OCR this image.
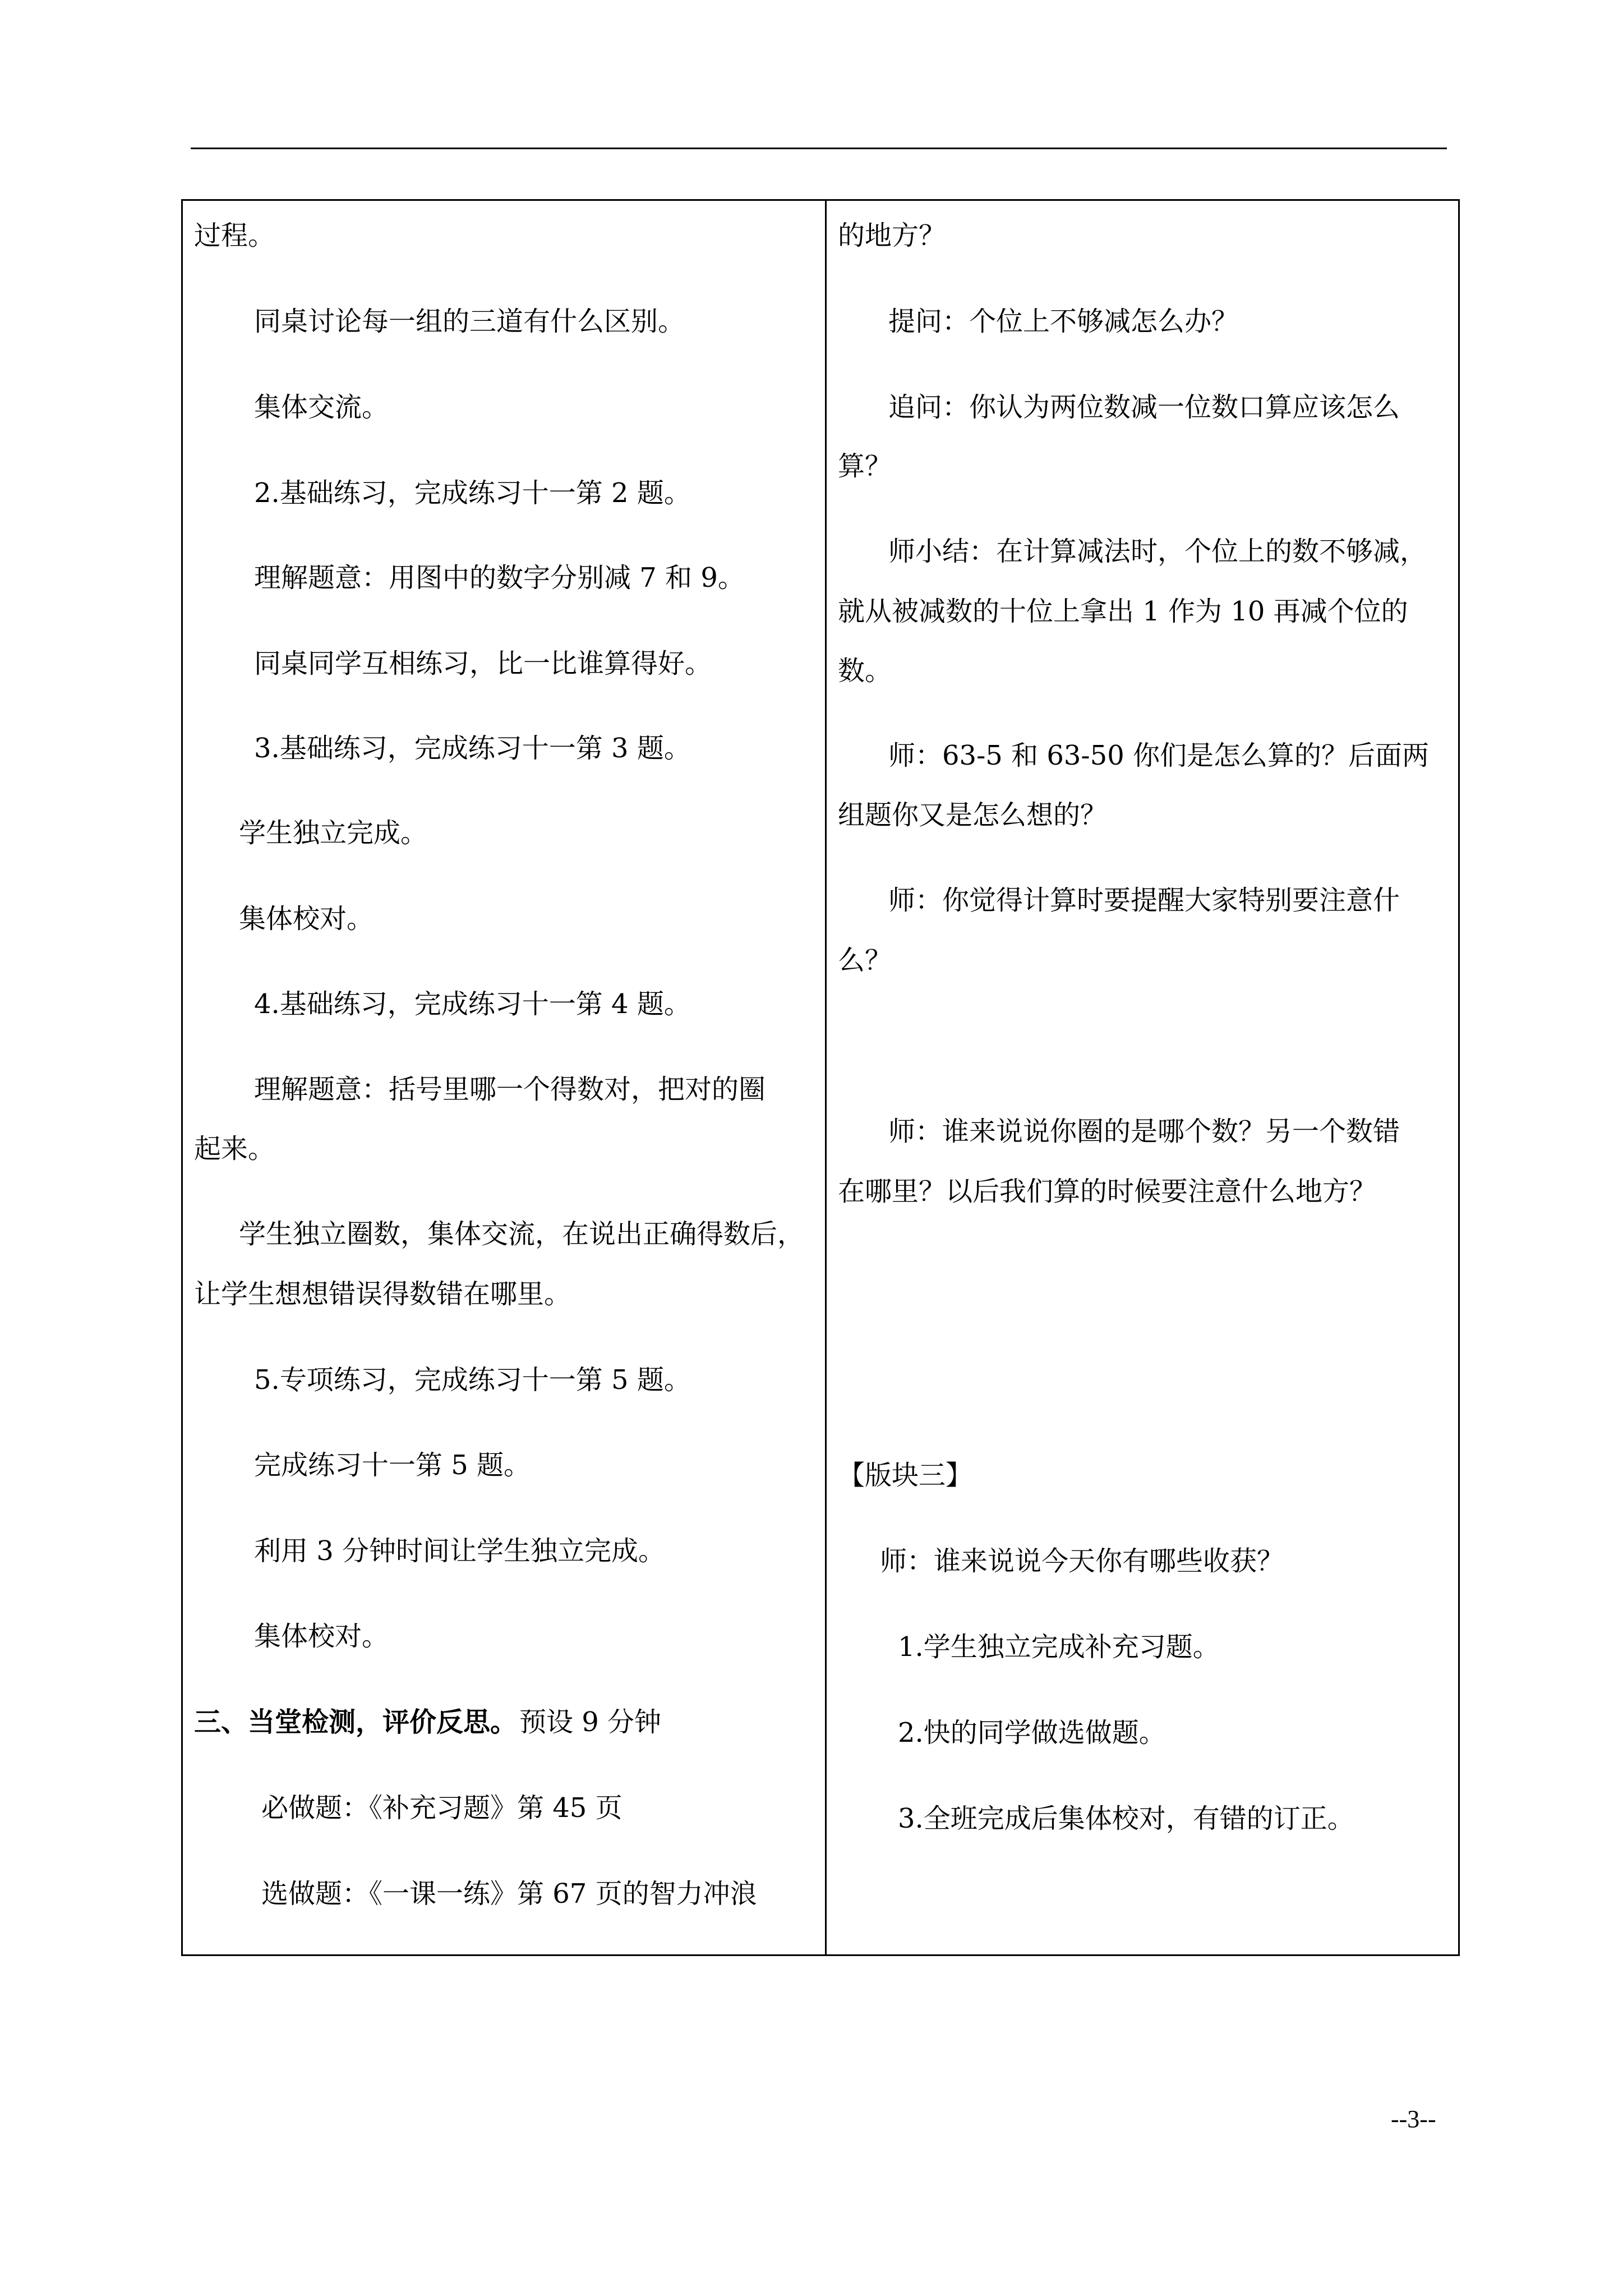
过程。
同桌讨论每一组的三道有什么区别。
集体交流。
2.基础练习，完成练习十一第 2 题。
理解题意：用图中的数字分别减 7 和 9。
同桌同学互相练习，比一比谁算得好。
3.基础练习，完成练习十一第 3 题。
学生独立完成。
集体校对。
4.基础练习，完成练习十一第 4 题。
理解题意：括号里哪一个得数对，把对的圈
起来。
学生独立圈数，集体交流，在说出正确得数后，
让学生想想错误得数错在哪里。
5.专项练习，完成练习十一第 5 题。
完成练习十一第 5 题。
利用 3 分钟时间让学生独立完成。
集体校对。
三、当堂检测，评价反思。 预设 9 分钟
必做题：《补充习题》第 45 页
选做题：《一课一练》第 67 页的智力冲浪
的地方？
提问：个位上不够减怎么办？
追问：你认为两位数减一位数口算应该怎么
算？
师小结：在计算减法时，个位上的数不够减，
就从被减数的十位上拿出 1 作为 10 再减个位的
数。
师：63-5 和 63-50 你们是怎么算的？后面两
组题你又是怎么想的？
师：你觉得计算时要提醒大家特别要注意什
么？
师：谁来说说你圈的是哪个数？另一个数错
在哪里？以后我们算的时候要注意什么地方？
【版块三】
师：谁来说说今天你有哪些收获？
1.学生独立完成补充习题。
2.快的同学做选做题。
3.全班完成后集体校对，有错的订正。
--3--
